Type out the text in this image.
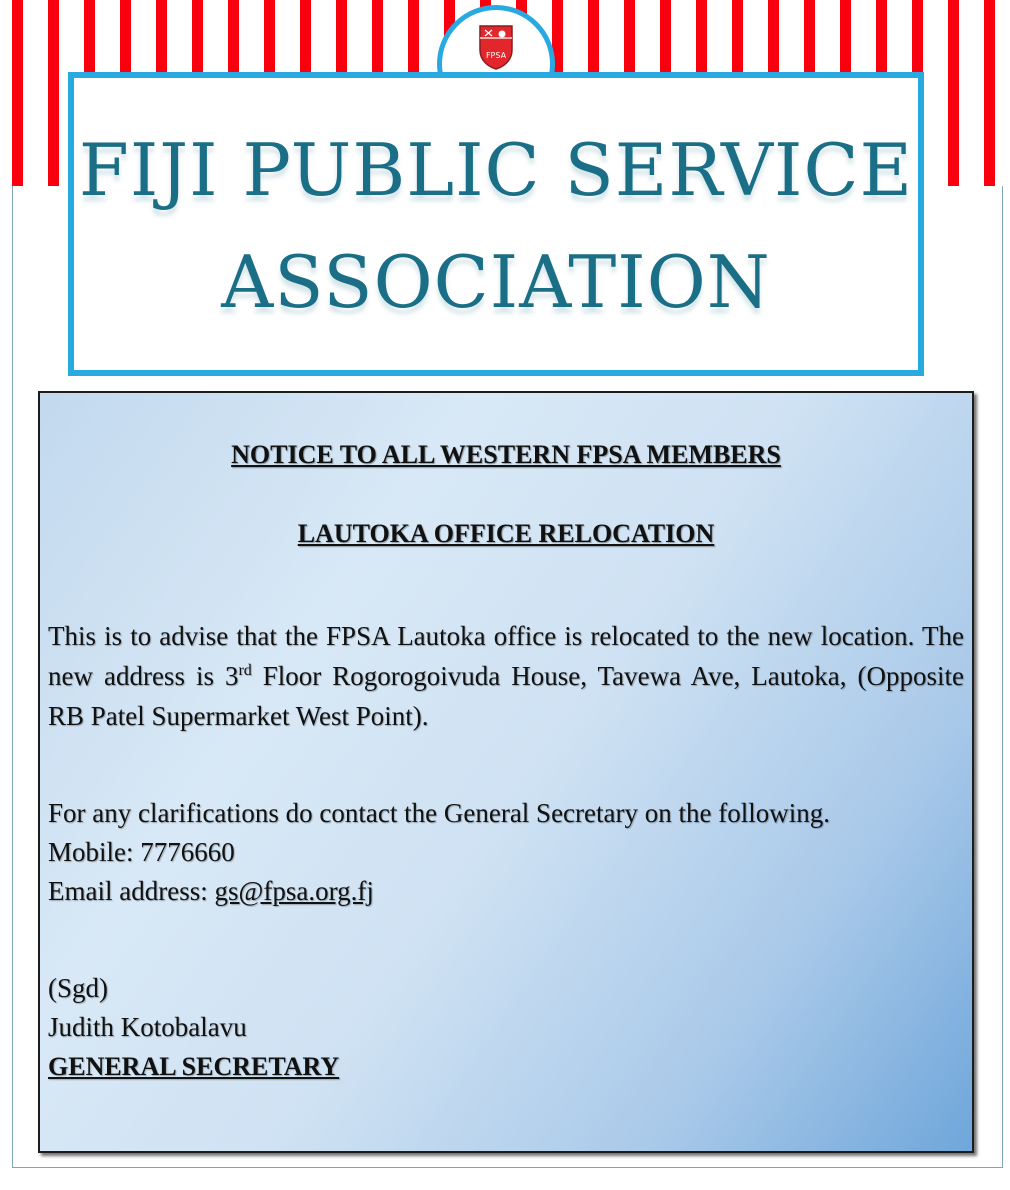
FPSA
FIJI PUBLIC SERVICE
ASSOCIATION

NOTICE TO ALL WESTERN FPSA MEMBERS

LAUTOKA OFFICE RELOCATION

This is to advise that the FPSA Lautoka office is relocated to the new location. The new address is 3rd Floor Rogorogoivuda House, Tavewa Ave, Lautoka, (Opposite RB Patel Supermarket West Point).

For any clarifications do contact the General Secretary on the following.

Mobile: 7776660
Email address: gs@fpsa.org.fj
(Sgd)
Judith Kotobalavu
GENERAL SECRETARY
